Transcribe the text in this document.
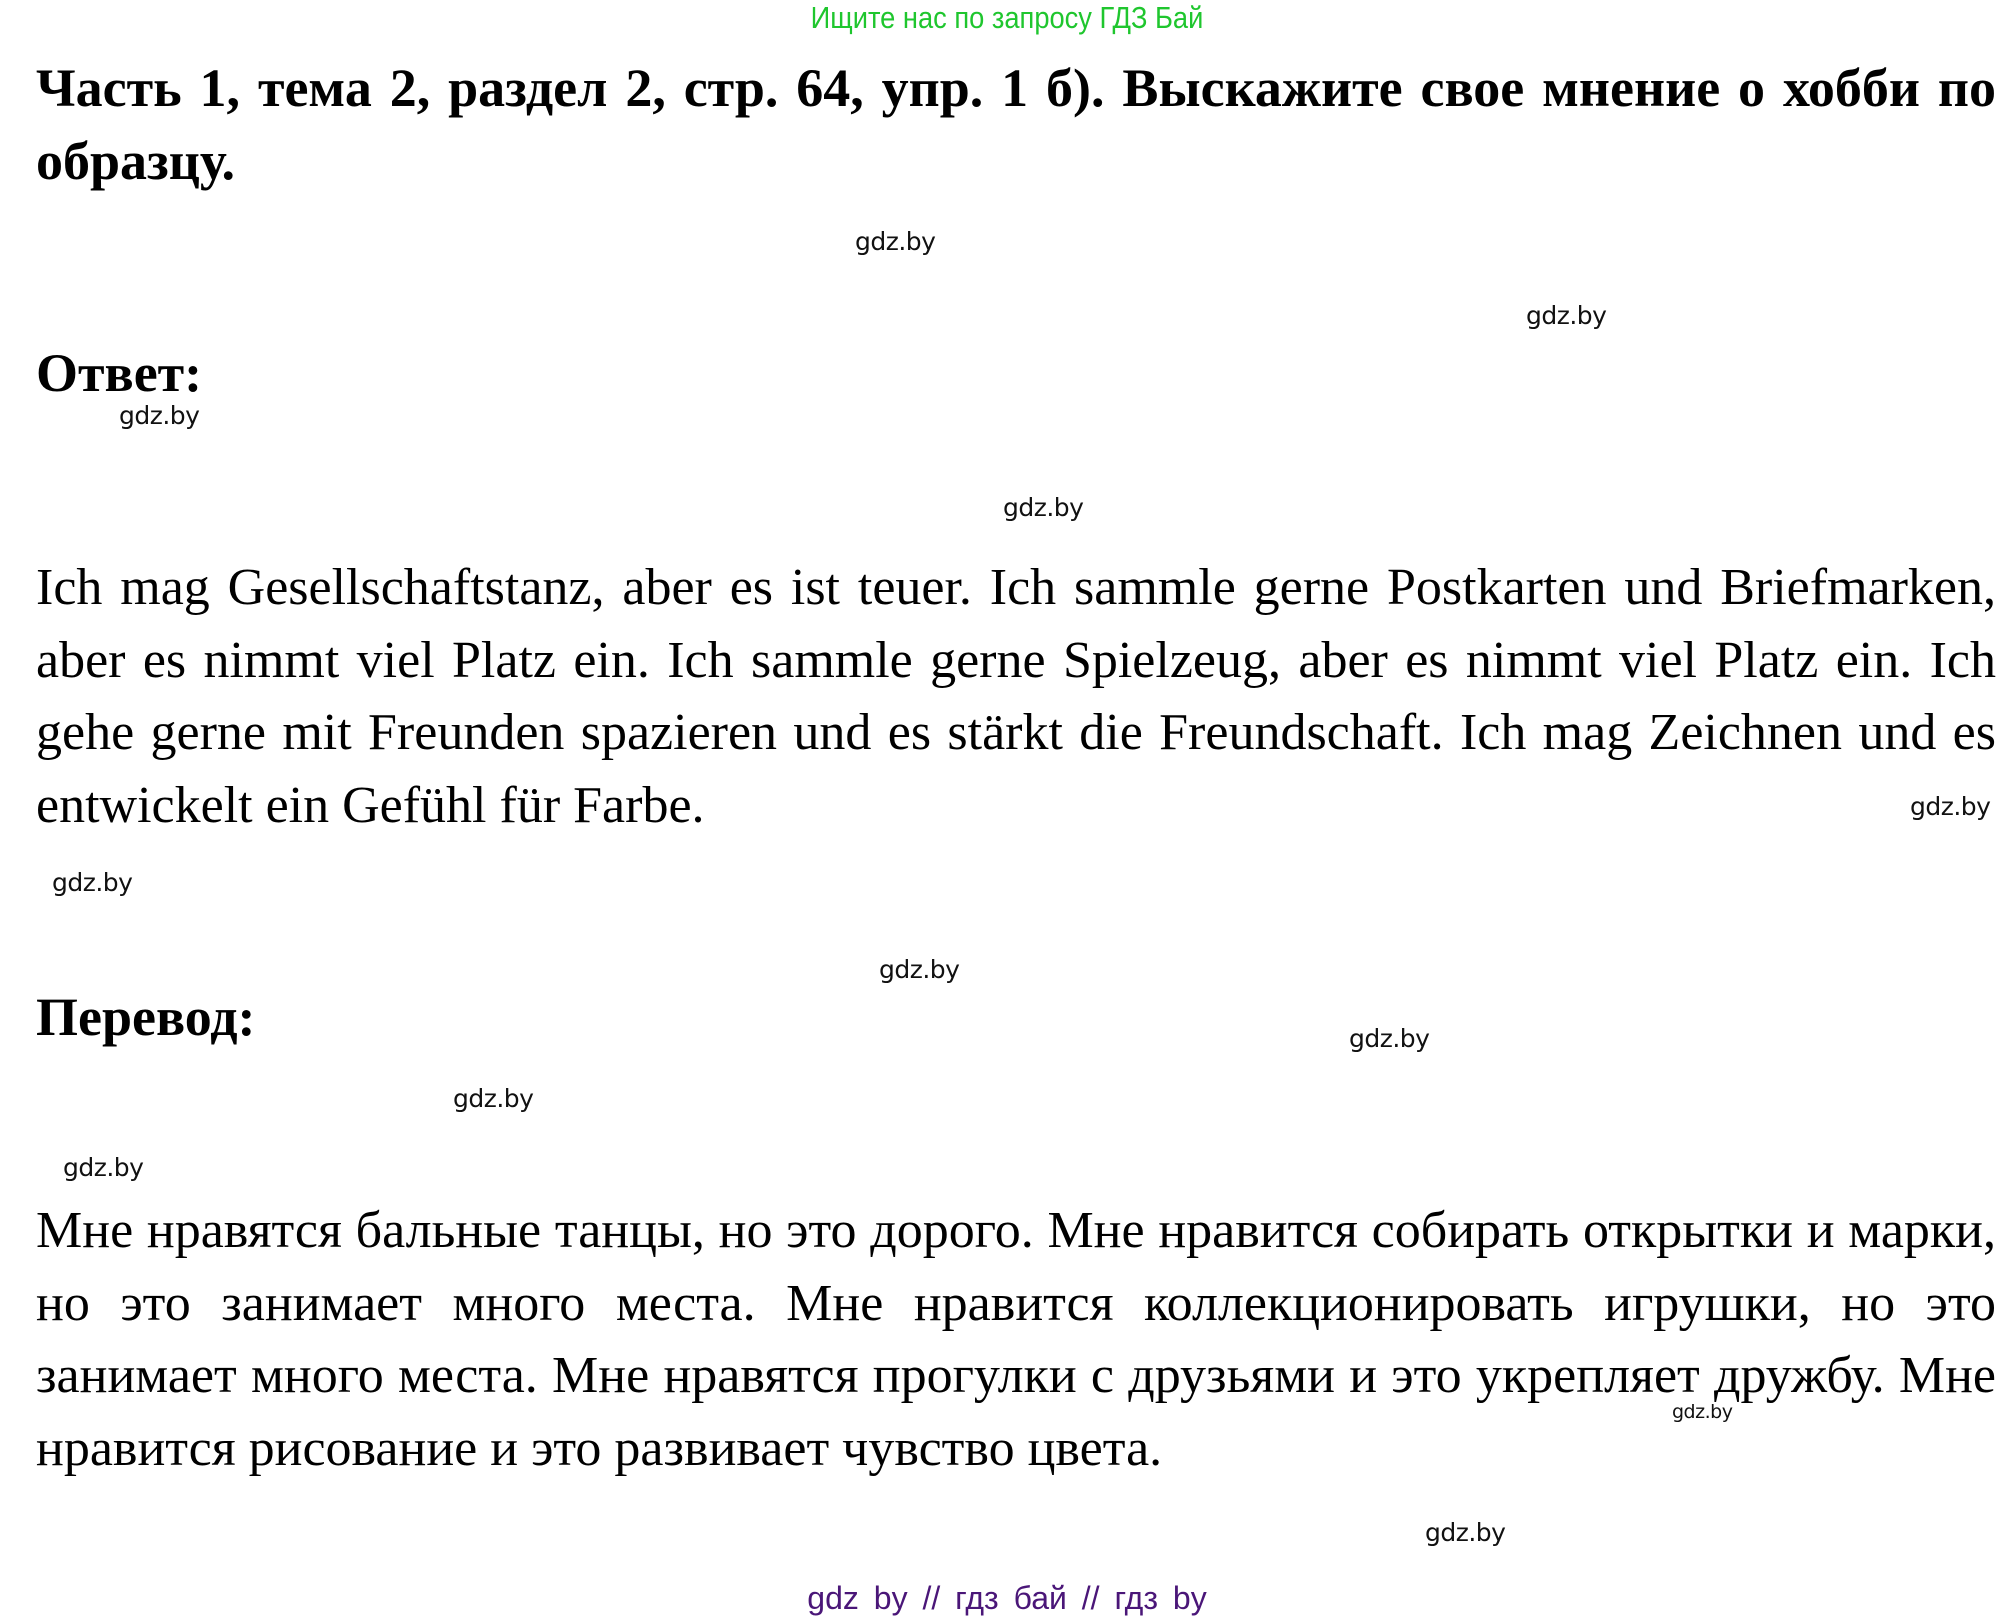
Ищите нас по запросу ГДЗ Бай
Часть 1, тема 2, раздел 2, стр. 64, упр. 1 б). Выскажите свое мнение о хобби по образцу.
Ответ:
Ich mag Gesellschaftstanz, aber es ist teuer. Ich sammle gerne Postkarten und Briefmarken, aber es nimmt viel Platz ein. Ich sammle gerne Spielzeug, aber es nimmt viel Platz ein. Ich gehe gerne mit Freunden spazieren und es stärkt die Freundschaft. Ich mag Zeichnen und es entwickelt ein Gefühl für Farbe.
Перевод:
Мне нравятся бальные танцы, но это дорого. Мне нравится собирать открытки и марки, но это занимает много места. Мне нравится коллекционировать игрушки, но это занимает много места. Мне нравятся прогулки с друзьями и это укрепляет дружбу. Мне нравится рисование и это развивает чувство цвета.
gdz.by
gdz.by
gdz.by
gdz.by
gdz.by
gdz.by
gdz.by
gdz.by
gdz.by
gdz.by
gdz.by
gdz.by
gdz by // гдз бай // гдз by
